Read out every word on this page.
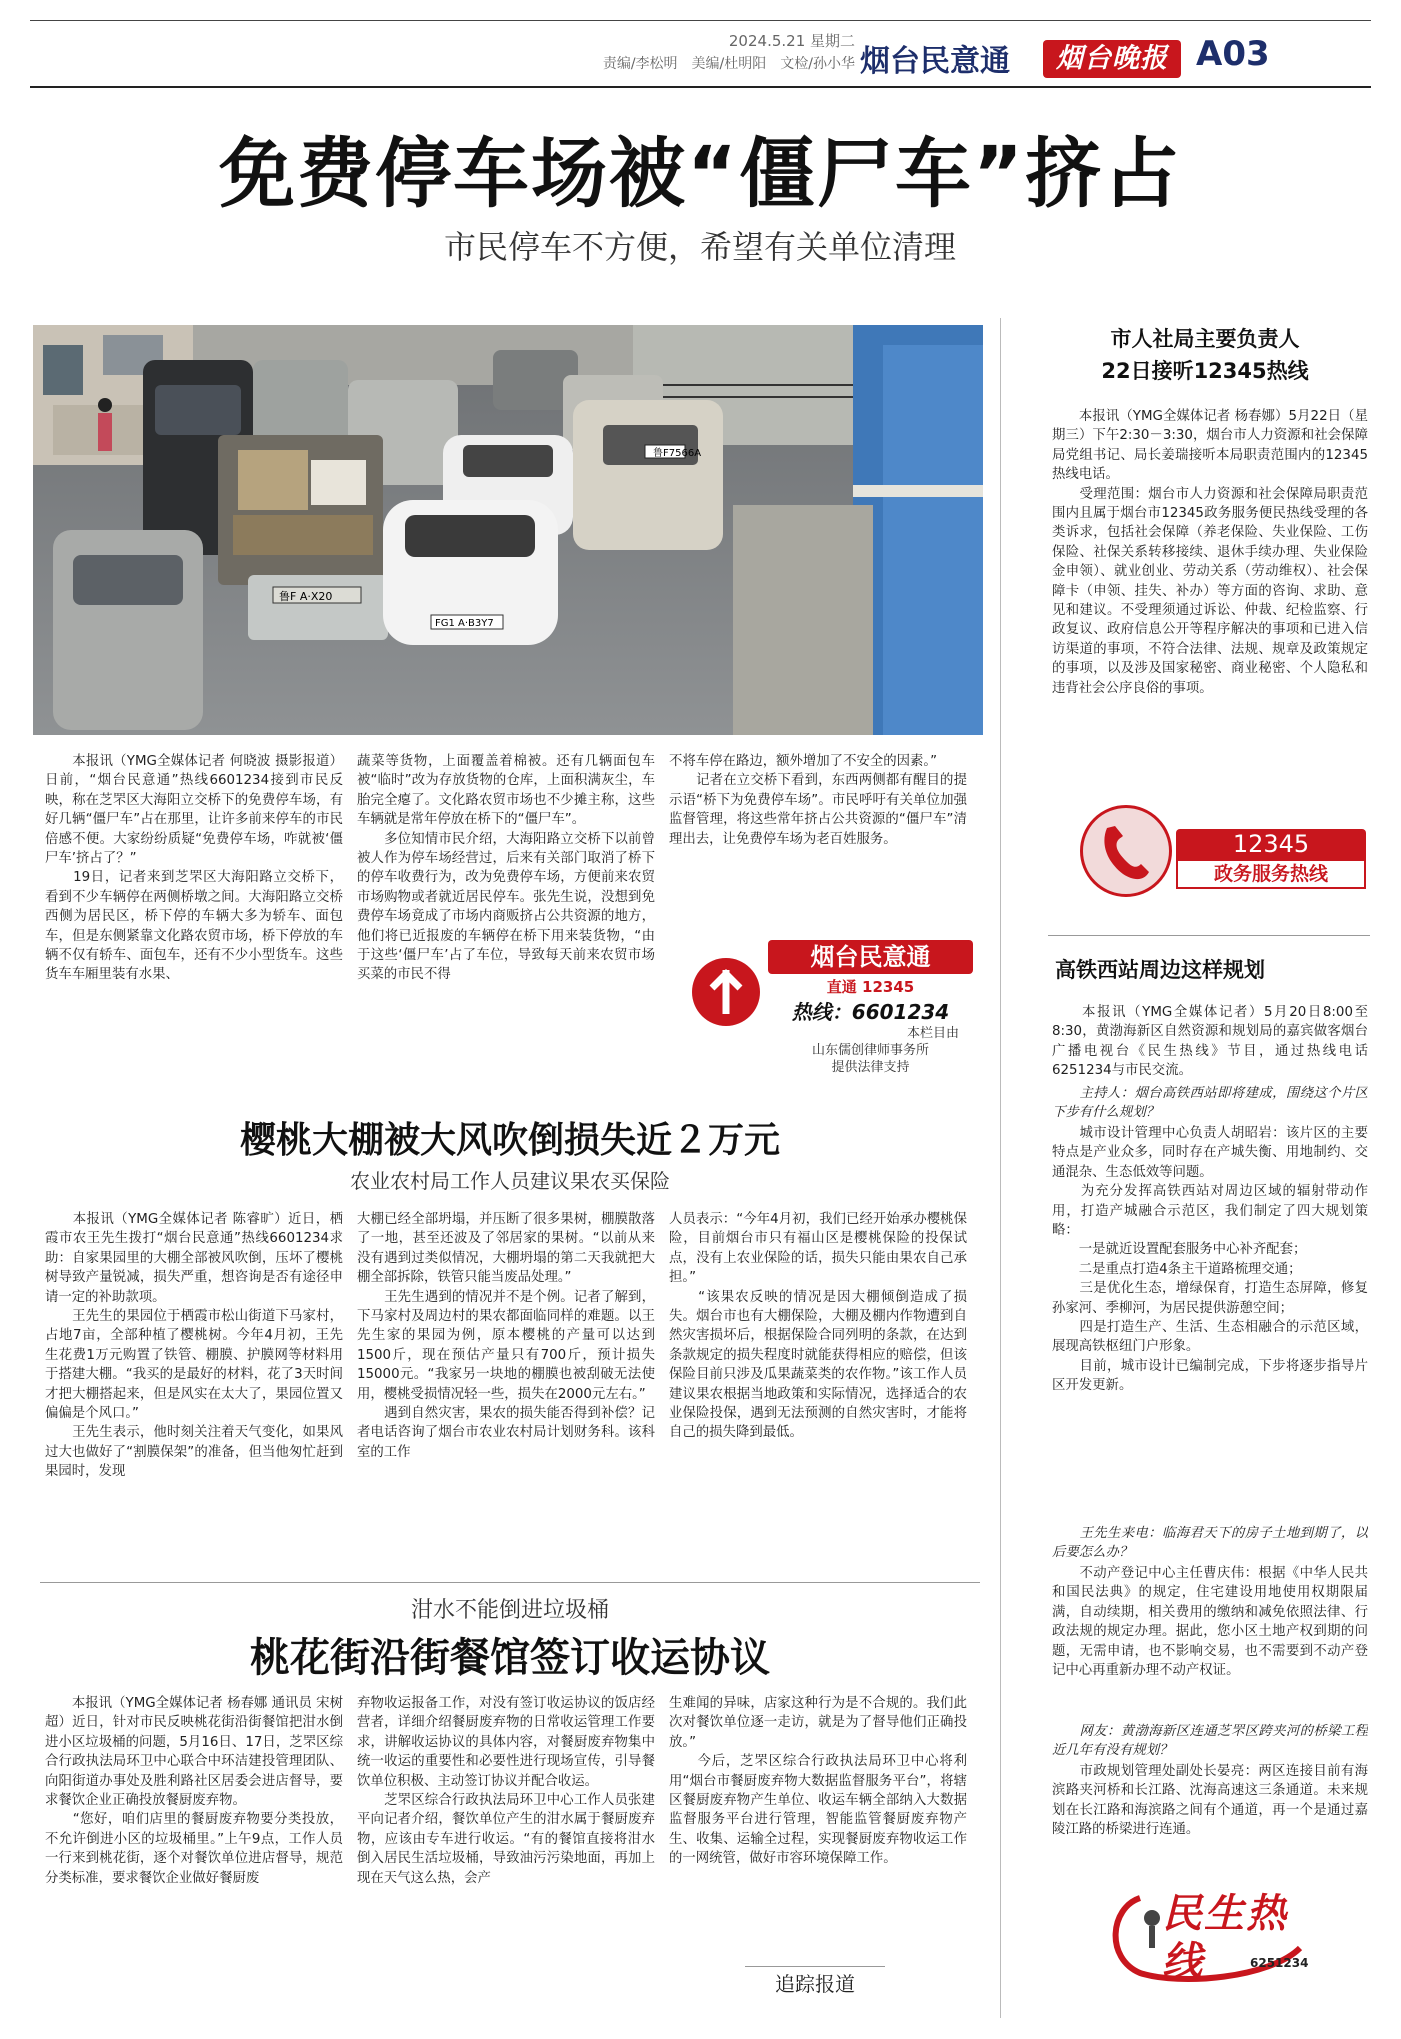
2024.5.21 星期二
责编/李松明　美编/杜明阳　文检/孙小华 烟台民意通	烟台晚报 A03
免费停车场被“僵尸车”挤占
市民停车不方便，希望有关单位清理
鲁F7566A
鲁F A·X20
FG1 A·B3Y7
　　本报讯（YMG全媒体记者 何晓波 摄影报道）日前，“烟台民意通”热线6601234接到市民反映，称在芝罘区大海阳立交桥下的免费停车场，有好几辆“僵尸车”占在那里，让许多前来停车的市民倍感不便。大家纷纷质疑“免费停车场，咋就被‘僵尸车’挤占了？”
　　19日，记者来到芝罘区大海阳路立交桥下，看到不少车辆停在两侧桥墩之间。大海阳路立交桥西侧为居民区，桥下停的车辆大多为轿车、面包车，但是东侧紧靠文化路农贸市场，桥下停放的车辆不仅有轿车、面包车，还有不少小型货车。这些货车车厢里装有水果、
蔬菜等货物，上面覆盖着棉被。还有几辆面包车被“临时”改为存放货物的仓库，上面积满灰尘，车胎完全瘪了。文化路农贸市场也不少摊主称，这些车辆就是常年停放在桥下的“僵尸车”。
　　多位知情市民介绍，大海阳路立交桥下以前曾被人作为停车场经营过，后来有关部门取消了桥下的停车收费行为，改为免费停车场，方便前来农贸市场购物或者就近居民停车。张先生说，没想到免费停车场竟成了市场内商贩挤占公共资源的地方，他们将已近报废的车辆停在桥下用来装货物，“由于这些‘僵尸车’占了车位，导致每天前来农贸市场买菜的市民不得
不将车停在路边，额外增加了不安全的因素。”
　　记者在立交桥下看到，东西两侧都有醒目的提示语“桥下为免费停车场”。市民呼吁有关单位加强监督管理，将这些常年挤占公共资源的“僵尸车”清理出去，让免费停车场为老百姓服务。
烟台民意通
直通 12345
热线：6601234
本栏目由
山东儒创律师事务所
提供法律支持
樱桃大棚被大风吹倒损失近２万元
农业农村局工作人员建议果农买保险
　　本报讯（YMG全媒体记者 陈睿旷）近日，栖霞市农王先生拨打“烟台民意通”热线6601234求助：自家果园里的大棚全部被风吹倒，压坏了樱桃树导致产量锐减，损失严重，想咨询是否有途径申请一定的补助款项。
　　王先生的果园位于栖霞市松山街道下马家村，占地7亩，全部种植了樱桃树。今年4月初，王先生花费1万元购置了铁管、棚膜、护膜网等材料用于搭建大棚。“我买的是最好的材料，花了3天时间才把大棚搭起来，但是风实在太大了，果园位置又偏偏是个风口。”
　　王先生表示，他时刻关注着天气变化，如果风过大也做好了“割膜保架”的准备，但当他匆忙赶到果园时，发现
大棚已经全部坍塌，并压断了很多果树，棚膜散落了一地，甚至还波及了邻居家的果树。“以前从来没有遇到过类似情况，大棚坍塌的第二天我就把大棚全部拆除，铁管只能当废品处理。”
　　王先生遇到的情况并不是个例。记者了解到，下马家村及周边村的果农都面临同样的难题。以王先生家的果园为例，原本樱桃的产量可以达到1500斤，现在预估产量只有700斤，预计损失15000元。“我家另一块地的棚膜也被刮破无法使用，樱桃受损情况轻一些，损失在2000元左右。”
　　遇到自然灾害，果农的损失能否得到补偿？记者电话咨询了烟台市农业农村局计划财务科。该科室的工作
人员表示：“今年4月初，我们已经开始承办樱桃保险，目前烟台市只有福山区是樱桃保险的投保试点，没有上农业保险的话，损失只能由果农自己承担。”
　　“该果农反映的情况是因大棚倾倒造成了损失。烟台市也有大棚保险，大棚及棚内作物遭到自然灾害损坏后，根据保险合同列明的条款，在达到条款规定的损失程度时就能获得相应的赔偿，但该保险目前只涉及瓜果蔬菜类的农作物。”该工作人员建议果农根据当地政策和实际情况，选择适合的农业保险投保，遇到无法预测的自然灾害时，才能将自己的损失降到最低。
泔水不能倒进垃圾桶
桃花街沿街餐馆签订收运协议
　　本报讯（YMG全媒体记者 杨春娜 通讯员 宋树超）近日，针对市民反映桃花街沿街餐馆把泔水倒进小区垃圾桶的问题，5月16日、17日，芝罘区综合行政执法局环卫中心联合中环洁建投管理团队、向阳街道办事处及胜利路社区居委会进店督导，要求餐饮企业正确投放餐厨废弃物。
　　“您好，咱们店里的餐厨废弃物要分类投放，不允许倒进小区的垃圾桶里。”上午9点，工作人员一行来到桃花街，逐个对餐饮单位进店督导，规范分类标准，要求餐饮企业做好餐厨废
弃物收运报备工作，对没有签订收运协议的饭店经营者，详细介绍餐厨废弃物的日常收运管理工作要求，讲解收运协议的具体内容，对餐厨废弃物集中统一收运的重要性和必要性进行现场宣传，引导餐饮单位积极、主动签订协议并配合收运。
　　芝罘区综合行政执法局环卫中心工作人员张建平向记者介绍，餐饮单位产生的泔水属于餐厨废弃物，应该由专车进行收运。“有的餐馆直接将泔水倒入居民生活垃圾桶，导致油污污染地面，再加上现在天气这么热，会产
生难闻的异味，店家这种行为是不合规的。我们此次对餐饮单位逐一走访，就是为了督导他们正确投放。”
　　今后，芝罘区综合行政执法局环卫中心将利用“烟台市餐厨废弃物大数据监督服务平台”，将辖区餐厨废弃物产生单位、收运车辆全部纳入大数据监督服务平台进行管理，智能监管餐厨废弃物产生、收集、运输全过程，实现餐厨废弃物收运工作的一网统管，做好市容环境保障工作。
追踪报道
市人社局主要负责人
22日接听12345热线
　　本报讯（YMG全媒体记者 杨春娜）5月22日（星期三）下午2:30－3:30，烟台市人力资源和社会保障局党组书记、局长姜瑞接听本局职责范围内的12345热线电话。
　　受理范围：烟台市人力资源和社会保障局职责范围内且属于烟台市12345政务服务便民热线受理的各类诉求，包括社会保障（养老保险、失业保险、工伤保险、社保关系转移接续、退休手续办理、失业保险金申领）、就业创业、劳动关系（劳动维权）、社会保障卡（申领、挂失、补办）等方面的咨询、求助、意见和建议。不受理须通过诉讼、仲裁、纪检监察、行政复议、政府信息公开等程序解决的事项和已进入信访渠道的事项，不符合法律、法规、规章及政策规定的事项，以及涉及国家秘密、商业秘密、个人隐私和违背社会公序良俗的事项。
12345
政务服务热线
高铁西站周边这样规划
　　本报讯（YMG全媒体记者）5月20日8:00至8:30，黄渤海新区自然资源和规划局的嘉宾做客烟台广播电视台《民生热线》节目，通过热线电话6251234与市民交流。
　　主持人：烟台高铁西站即将建成，围绕这个片区下步有什么规划？
　　城市设计管理中心负责人胡昭岩：该片区的主要特点是产业众多，同时存在产城失衡、用地制约、交通混杂、生态低效等问题。
　　为充分发挥高铁西站对周边区域的辐射带动作用，打造产城融合示范区，我们制定了四大规划策略：
　　一是就近设置配套服务中心补齐配套；
　　二是重点打造4条主干道路梳理交通；
　　三是优化生态，增绿保育，打造生态屏障，修复孙家河、季柳河，为居民提供游憩空间；
　　四是打造生产、生活、生态相融合的示范区域，展现高铁枢纽门户形象。
　　目前，城市设计已编制完成，下步将逐步指导片区开发更新。
　　王先生来电：临海君天下的房子土地到期了，以后要怎么办？
　　不动产登记中心主任曹庆伟：根据《中华人民共和国民法典》的规定，住宅建设用地使用权期限届满，自动续期，相关费用的缴纳和减免依照法律、行政法规的规定办理。据此，您小区土地产权到期的问题，无需申请，也不影响交易，也不需要到不动产登记中心再重新办理不动产权证。
　　网友：黄渤海新区连通芝罘区跨夹河的桥梁工程近几年有没有规划？
　　市政规划管理处副处长晏亮：两区连接目前有海滨路夹河桥和长江路、沈海高速这三条通道。未来规划在长江路和海滨路之间有个通道，再一个是通过嘉陵江路的桥梁进行连通。
民生热线	6251234
